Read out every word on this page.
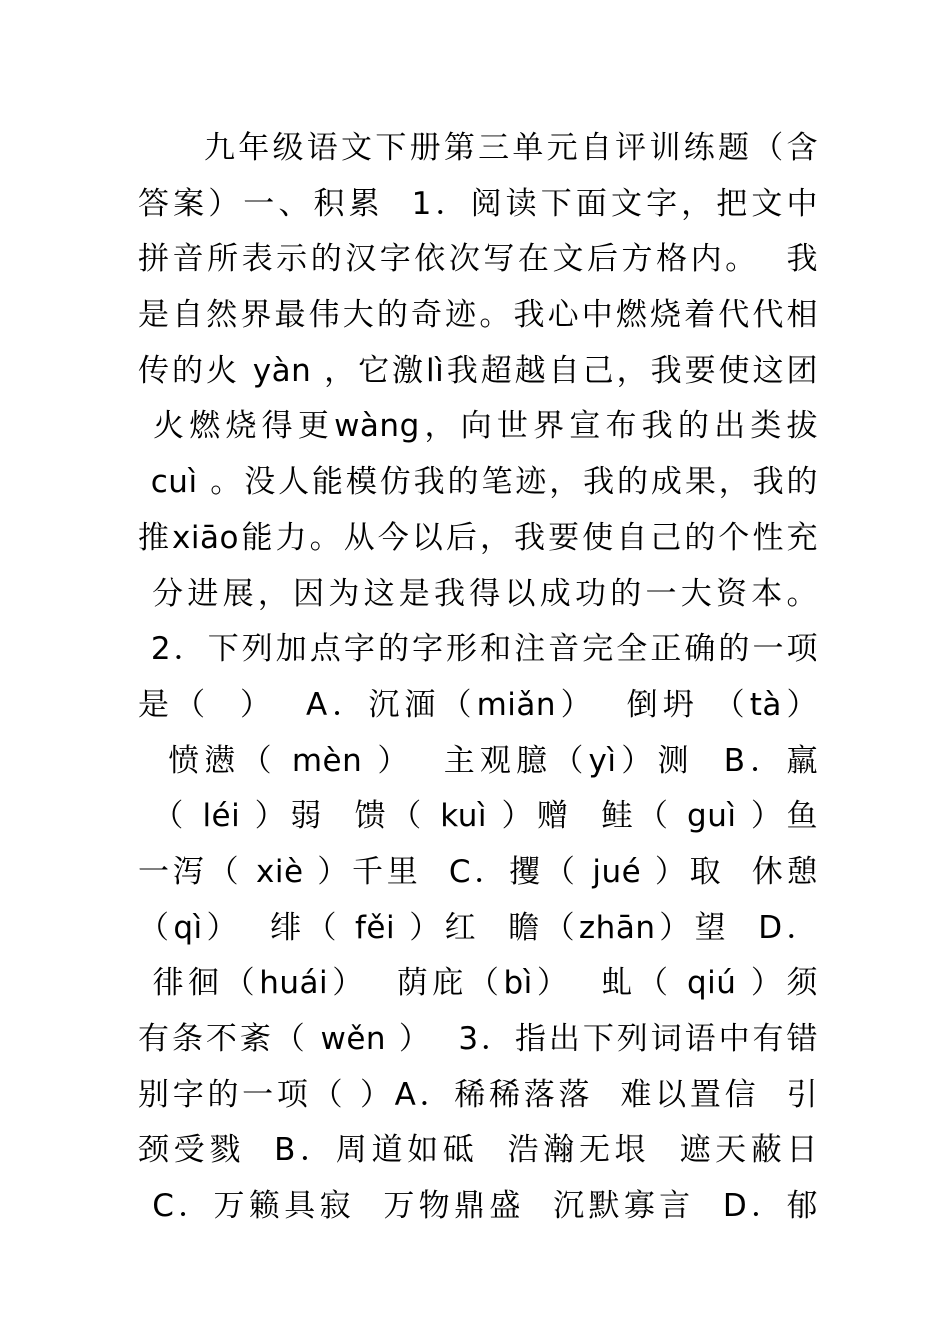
九年级语文下册第三单元自评训练题（含
答案）一、积累  1．阅读下面文字，把文中
拼音所表示的汉字依次写在文后方格内。  我
是自然界最伟大的奇迹。我心中燃烧着代代相
传的火 yàn ，它激lì我超越自己，我要使这团
火燃烧得更wàng，向世界宣布我的出类拔
cuì 。没人能模仿我的笔迹，我的成果，我的
推xiāo能力。从今以后，我要使自己的个性充
分进展，因为这是我得以成功的一大资本。
2．下列加点字的字形和注音完全正确的一项
是（  ）  A．沉湎（miǎn）  倒坍 （tà）
愤懑（ mèn ）  主观臆（yì）测  B．羸
（ léi ）弱  馈（ kuì ）赠  鲑（ guì ）鱼
一泻（ xiè ）千里  C．攫（ jué ）取  休憩
（qì）  绯（ fěi ）红  瞻（zhān）望  D．
徘徊（huái）  荫庇（bì）  虬（ qiú ）须
有条不紊（ wěn ）  3．指出下列词语中有错
别字的一项（ ）A．稀稀落落  难以置信  引
颈受戮  B．周道如砥  浩瀚无垠  遮天蔽日
C．万籁具寂  万物鼎盛  沉默寡言  D．郁
